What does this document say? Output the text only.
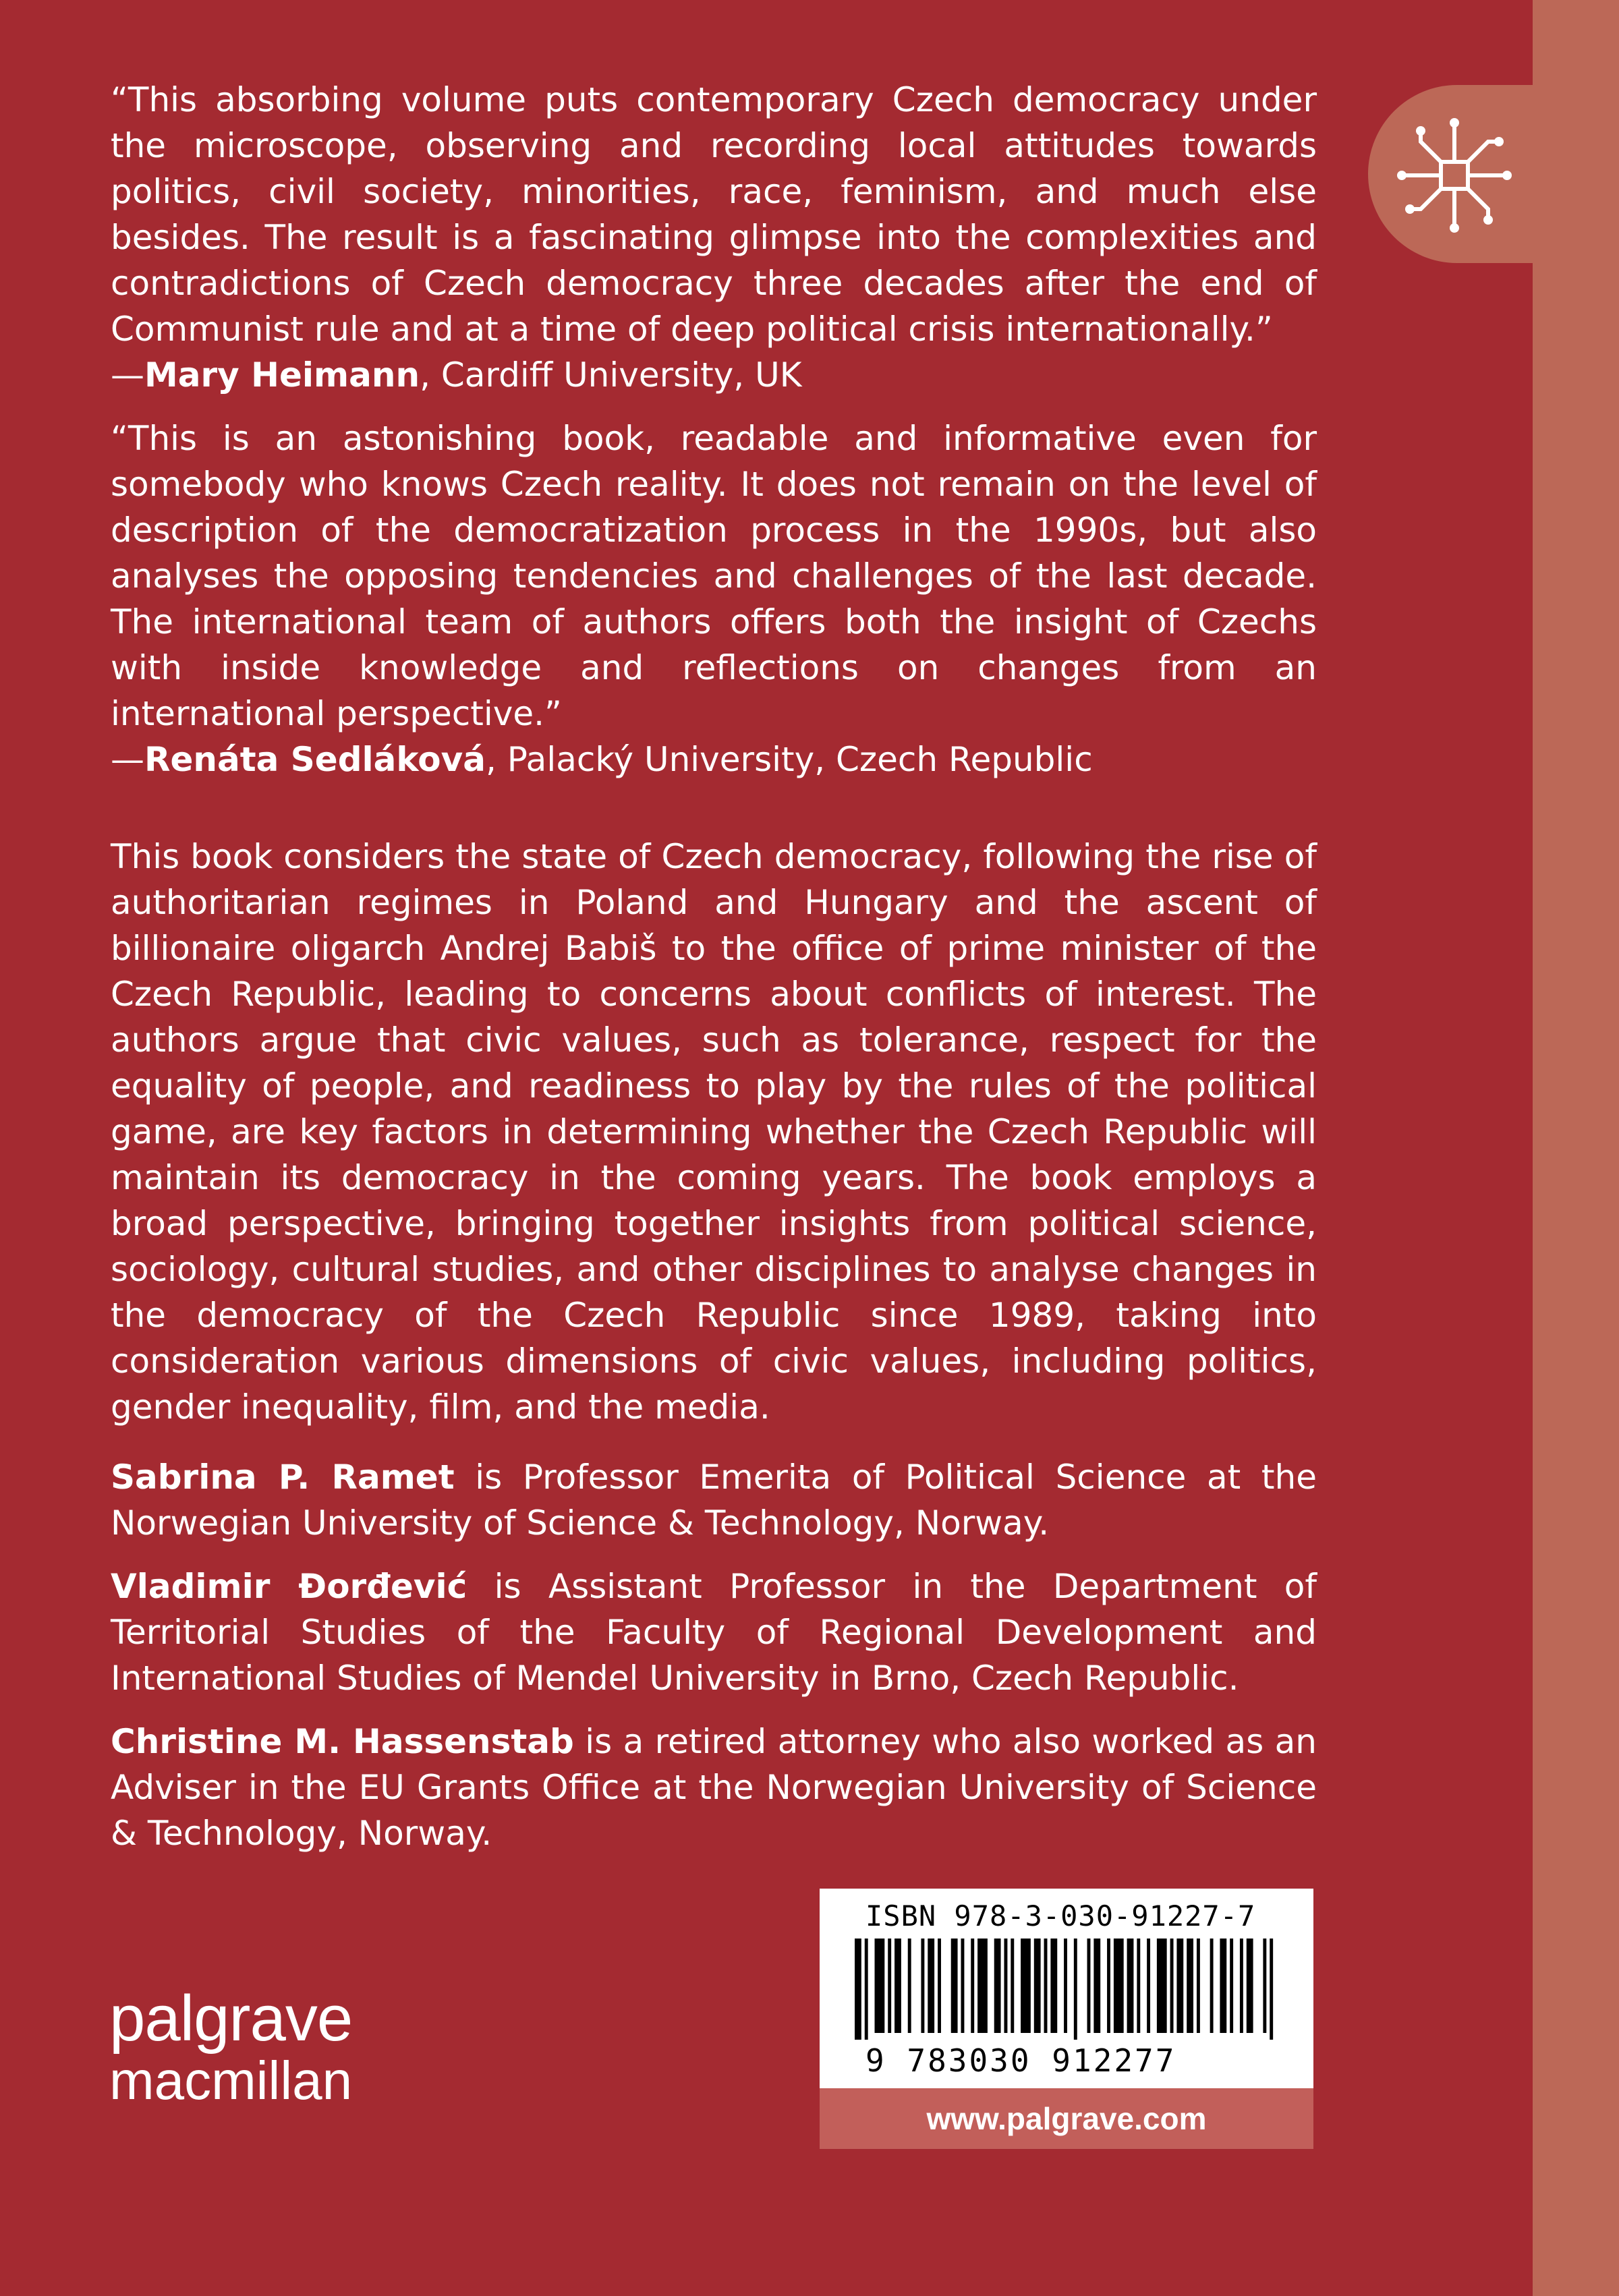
“This absorbing volume puts contemporary Czech democracy under the microscope, observing and recording local attitudes towards politics, civil society, minorities, race, feminism, and much else besides. The result is a fascinating glimpse into the complexities and contradictions of Czech democracy three decades after the end of Communist rule and at a time of deep political crisis internationally.”

—Mary Heimann, Cardiff University, UK

“This is an astonishing book, readable and informative even for somebody who knows Czech reality. It does not remain on the level of description of the democratization process in the 1990s, but also analyses the opposing tendencies and challenges of the last decade. The international team of authors offers both the insight of Czechs with inside knowledge and reflections on changes from an international perspective.”

—Renáta Sedláková, Palacký University, Czech Republic

This book considers the state of Czech democracy, following the rise of authoritarian regimes in Poland and Hungary and the ascent of billionaire oligarch Andrej Babiš to the office of prime minister of the Czech Republic, leading to concerns about conflicts of interest. The authors argue that civic values, such as tolerance, respect for the equality of people, and readiness to play by the rules of the political game, are key factors in determining whether the Czech Republic will maintain its democracy in the coming years. The book employs a broad perspective, bringing together insights from political science, sociology, cultural studies, and other disciplines to analyse changes in the democracy of the Czech Republic since 1989, taking into consideration various dimensions of civic values, including politics, gender inequality, film, and the media.

Sabrina P. Ramet is Professor Emerita of Political Science at the Norwegian University of Science & Technology, Norway.

Vladimir Đorđević is Assistant Professor in the Department of Territorial Studies of the Faculty of Regional Development and International Studies of Mendel University in Brno, Czech Republic.

Christine M. Hassenstab is a retired attorney who also worked as an Adviser in the EU Grants Office at the Norwegian University of Science & Technology, Norway.

ISBN 978-3-030-91227-7
9 783030 912277
www.palgrave.com
palgrave
macmillan
